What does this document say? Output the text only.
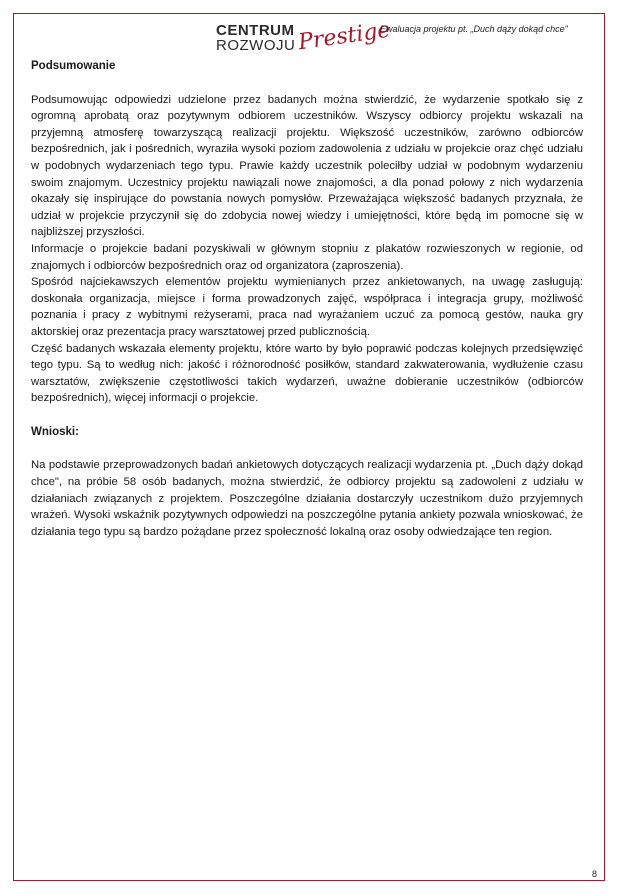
CENTRUM
ROZWOJU Prestige
Ewaluacja projektu pt. „Duch dąży dokąd chce"
Podsumowanie

Podsumowując odpowiedzi udzielone przez badanych można stwierdzić, że wydarzenie spotkało się z ogromną aprobatą oraz pozytywnym odbiorem uczestników. Wszyscy odbiorcy projektu wskazali na przyjemną atmosferę towarzyszącą realizacji projektu. Większość uczestników, zarówno odbiorców bezpośrednich, jak i pośrednich, wyraziła wysoki poziom zadowolenia z udziału w projekcie oraz chęć udziału w podobnych wydarzeniach tego typu. Prawie każdy uczestnik poleciłby udział w podobnym wydarzeniu swoim znajomym. Uczestnicy projektu nawiązali nowe znajomości, a dla ponad połowy z nich wydarzenia okazały się inspirujące do powstania nowych pomysłów. Przeważająca większość badanych przyznała, że udział w projekcie przyczynił się do zdobycia nowej wiedzy i umiejętności, które będą im pomocne się w najbliższej przyszłości.

Informacje o projekcie badani pozyskiwali w głównym stopniu z plakatów rozwieszonych w regionie, od znajomych i odbiorców bezpośrednich oraz od organizatora (zaproszenia).

Spośród najciekawszych elementów projektu wymienianych przez ankietowanych, na uwagę zasługują: doskonała organizacja, miejsce i forma prowadzonych zajęć, współpraca i integracja grupy, możliwość poznania i pracy z wybitnymi reżyserami, praca nad wyrażaniem uczuć za pomocą gestów, nauka gry aktorskiej oraz prezentacja pracy warsztatowej przed publicznością.

Część badanych wskazała elementy projektu, które warto by było poprawić podczas kolejnych przedsięwzięć tego typu. Są to według nich: jakość i różnorodność posiłków, standard zakwaterowania, wydłużenie czasu warsztatów, zwiększenie częstotliwości takich wydarzeń, uważne dobieranie uczestników (odbiorców bezpośrednich), więcej informacji o projekcie.

Wnioski:

Na podstawie przeprowadzonych badań ankietowych dotyczących realizacji wydarzenia pt. „Duch dąży dokąd chce", na próbie 58 osób badanych, można stwierdzić, że odbiorcy projektu są zadowoleni z udziału w działaniach związanych z projektem. Poszczególne działania dostarczyły uczestnikom dużo przyjemnych wrażeń. Wysoki wskaźnik pozytywnych odpowiedzi na poszczególne pytania ankiety pozwala wnioskować, że działania tego typu są bardzo pożądane przez społeczność lokalną oraz osoby odwiedzające ten region.

8
